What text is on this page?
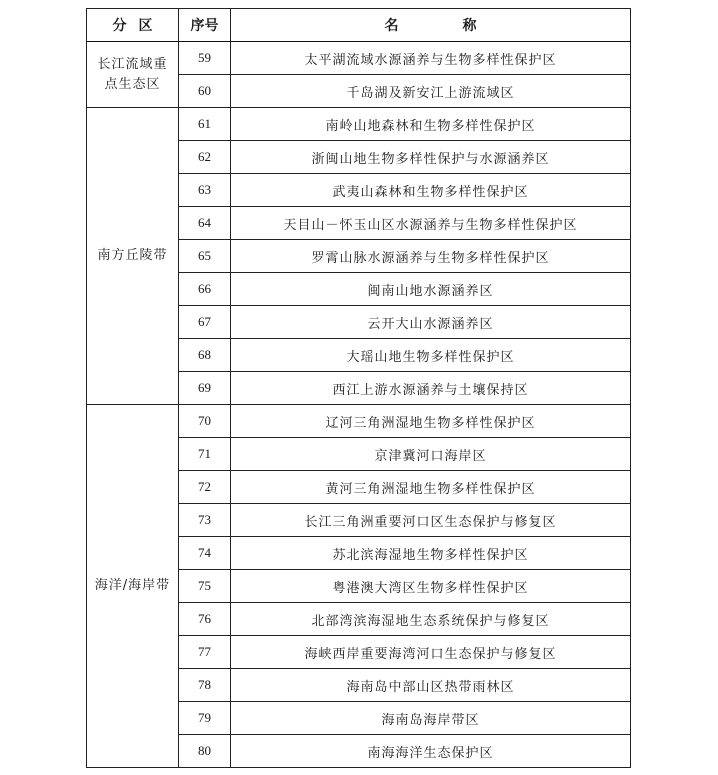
分区	序号	名称
长江流域重点生态区	59	太平湖流域水源涵养与生物多样性保护区
	60	千岛湖及新安江上游流域区
南方丘陵带	61	南岭山地森林和生物多样性保护区
	62	浙闽山地生物多样性保护与水源涵养区
	63	武夷山森林和生物多样性保护区
	64	天目山－怀玉山区水源涵养与生物多样性保护区
	65	罗霄山脉水源涵养与生物多样性保护区
	66	闽南山地水源涵养区
	67	云开大山水源涵养区
	68	大瑶山地生物多样性保护区
	69	西江上游水源涵养与土壤保持区
海洋/海岸带	70	辽河三角洲湿地生物多样性保护区
	71	京津冀河口海岸区
	72	黄河三角洲湿地生物多样性保护区
	73	长江三角洲重要河口区生态保护与修复区
	74	苏北滨海湿地生物多样性保护区
	75	粤港澳大湾区生物多样性保护区
	76	北部湾滨海湿地生态系统保护与修复区
	77	海峡西岸重要海湾河口生态保护与修复区
	78	海南岛中部山区热带雨林区
	79	海南岛海岸带区
	80	南海海洋生态保护区
